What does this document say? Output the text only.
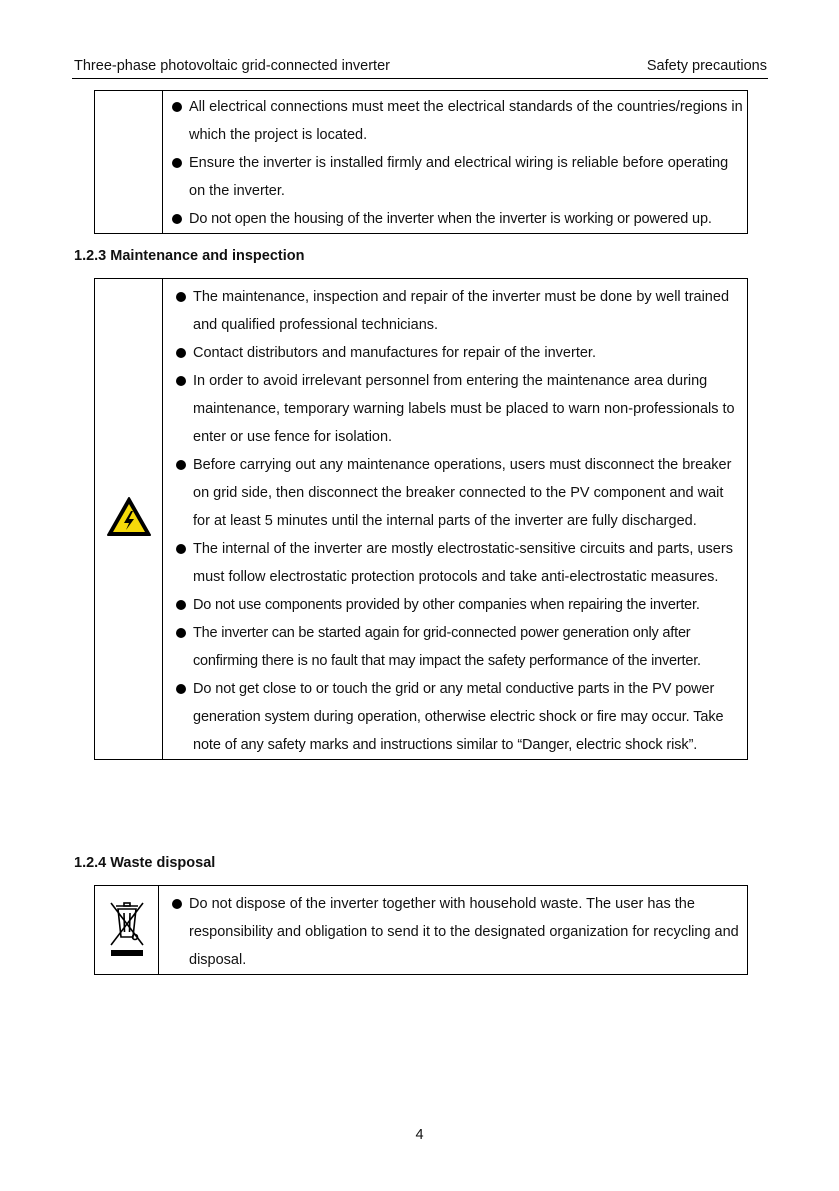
Three-phase photovoltaic grid-connected inverter	Safety precautions

All electrical connections must meet the electrical standards of the countries/regions in which the project is located.
Ensure the inverter is installed firmly and electrical wiring is reliable before operating on the inverter.
Do not open the housing of the inverter when the inverter is working or powered up.
1.2.3 Maintenance and inspection

The maintenance, inspection and repair of the inverter must be done by well trained and qualified professional technicians.
Contact distributors and manufactures for repair of the inverter.
In order to avoid irrelevant personnel from entering the maintenance area during maintenance, temporary warning labels must be placed to warn non-professionals to enter or use fence for isolation.
Before carrying out any maintenance operations, users must disconnect the breaker on grid side, then disconnect the breaker connected to the PV component and wait for at least 5 minutes until the internal parts of the inverter are fully discharged.
The internal of the inverter are mostly electrostatic-sensitive circuits and parts, users must follow electrostatic protection protocols and take anti-electrostatic measures.
Do not use components provided by other companies when repairing the inverter.
The inverter can be started again for grid-connected power generation only after confirming there is no fault that may impact the safety performance of the inverter.
Do not get close to or touch the grid or any metal conductive parts in the PV power generation system during operation, otherwise electric shock or fire may occur. Take note of any safety marks and instructions similar to “Danger, electric shock risk”.
1.2.4 Waste disposal

Do not dispose of the inverter together with household waste. The user has the responsibility and obligation to send it to the designated organization for recycling and disposal.
4
